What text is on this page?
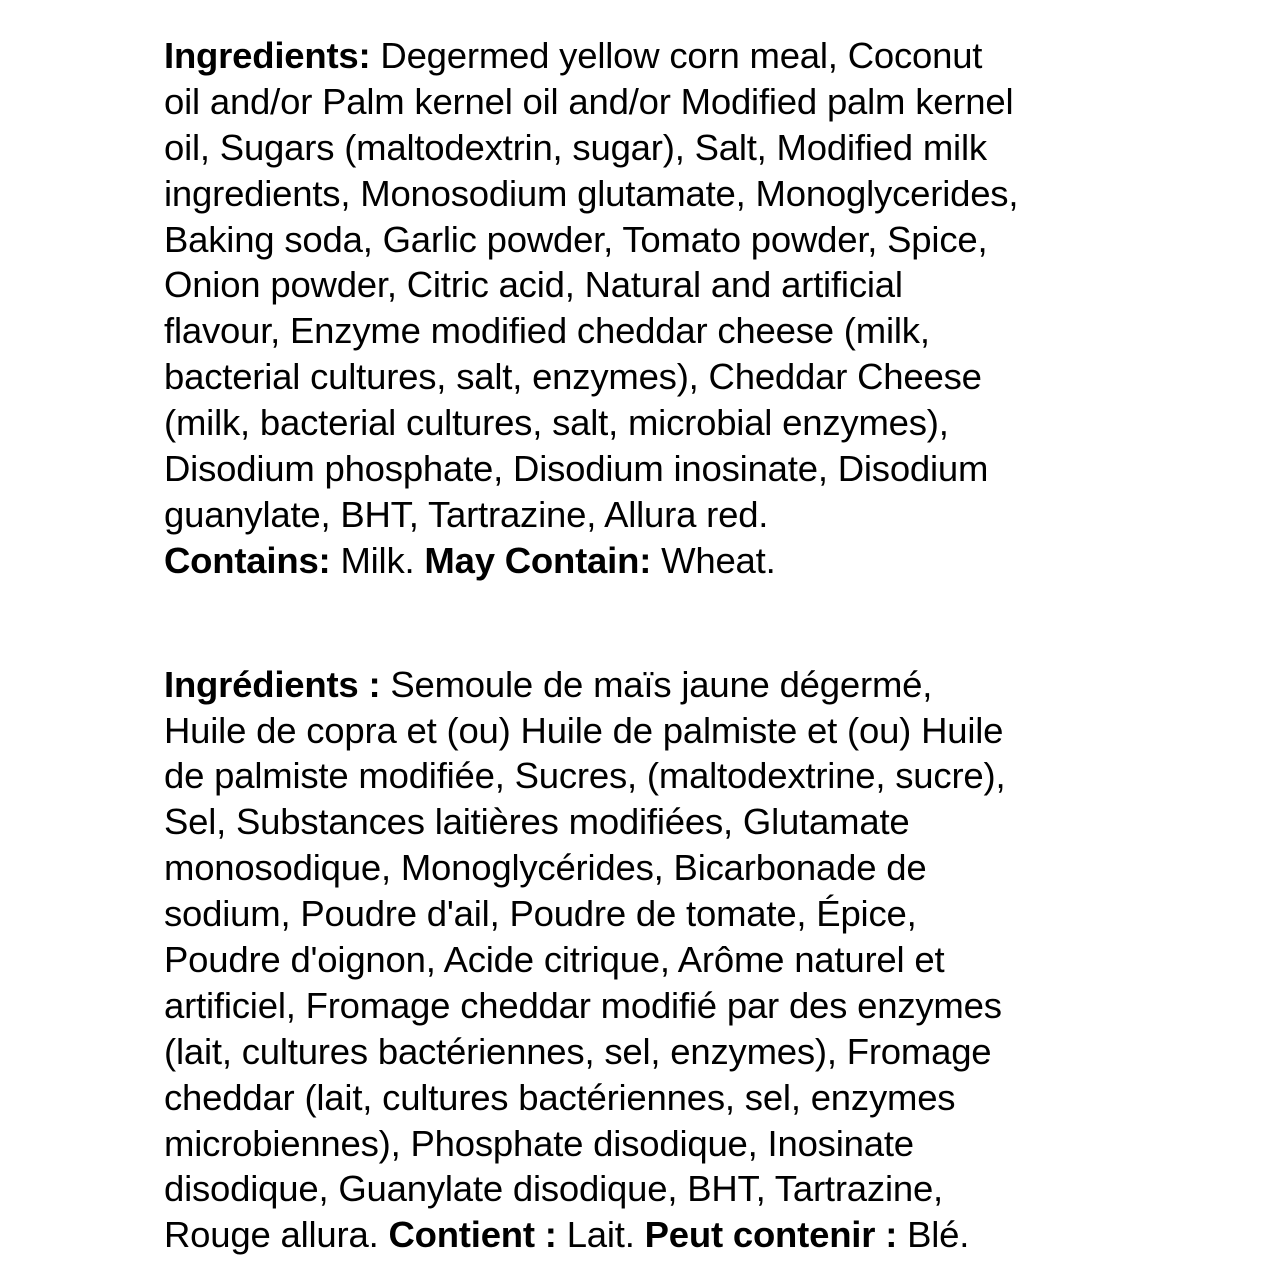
Ingredients: Degermed yellow corn meal, Coconut
oil and/or Palm kernel oil and/or Modified palm kernel
oil, Sugars (maltodextrin, sugar), Salt, Modified milk
ingredients, Monosodium glutamate, Monoglycerides,
Baking soda, Garlic powder, Tomato powder, Spice,
Onion powder, Citric acid, Natural and artificial
flavour, Enzyme modified cheddar cheese (milk,
bacterial cultures, salt, enzymes), Cheddar Cheese
(milk, bacterial cultures, salt, microbial enzymes),
Disodium phosphate, Disodium inosinate, Disodium
guanylate, BHT, Tartrazine, Allura red.
Contains: Milk. May Contain: Wheat.
Ingrédients : Semoule de maïs jaune dégermé,
Huile de copra et (ou) Huile de palmiste et (ou) Huile
de palmiste modifiée, Sucres, (maltodextrine, sucre),
Sel, Substances laitières modifiées, Glutamate
monosodique, Monoglycérides, Bicarbonade de
sodium, Poudre d'ail, Poudre de tomate, Épice,
Poudre d'oignon, Acide citrique, Arôme naturel et
artificiel, Fromage cheddar modifié par des enzymes
(lait, cultures bactériennes, sel, enzymes), Fromage
cheddar (lait, cultures bactériennes, sel, enzymes
microbiennes), Phosphate disodique, Inosinate
disodique, Guanylate disodique, BHT, Tartrazine,
Rouge allura. Contient : Lait. Peut contenir : Blé.
